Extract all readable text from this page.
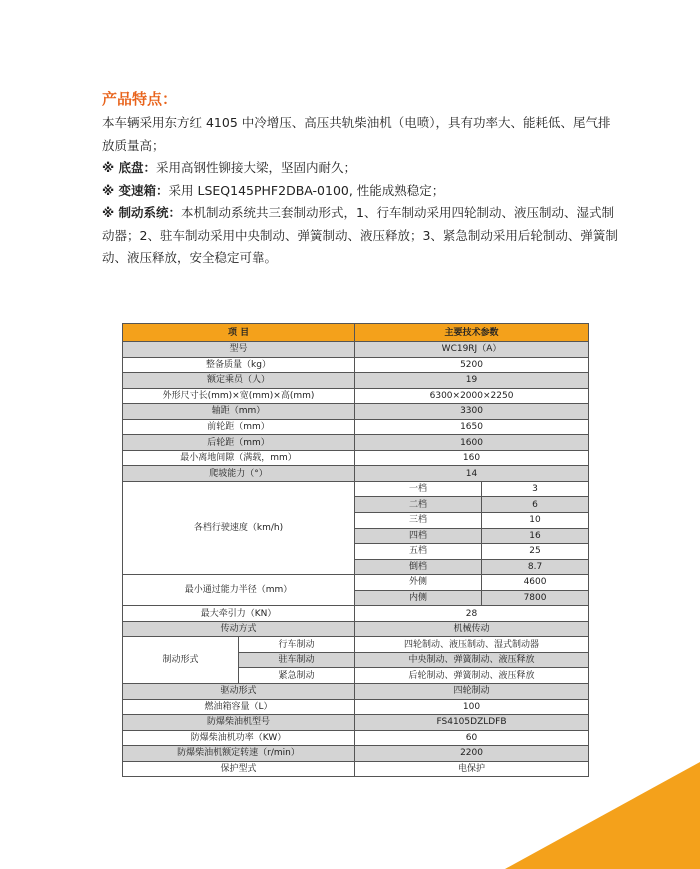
产品特点：

本车辆采用东方红 4105 中冷增压、高压共轨柴油机（电喷），具有功率大、能耗低、尾气排放质量高；

※ 底盘：采用高钢性铆接大梁，坚固内耐久；

※ 变速箱：采用 LSEQ145PHF2DBA-0100, 性能成熟稳定；

※ 制动系统：本机制动系统共三套制动形式，1、行车制动采用四轮制动、液压制动、湿式制动器；2、驻车制动采用中央制动、弹簧制动、液压释放；3、紧急制动采用后轮制动、弹簧制动、液压释放，安全稳定可靠。

项 目		主要技术参数	
型号		WC19RJ（A）	
整备质量（kg）		5200	
额定乘员（人）		19	
外形尺寸长(mm)×宽(mm)×高(mm)		6300×2000×2250	
轴距（mm）		3300	
前轮距（mm）		1650	
后轮距（mm）		1600	
最小离地间隙（满载，mm）		160	
爬坡能力（°）		14	
各档行驶速度（km/h)		一档	3
		二档	6
		三档	10
		四档	16
		五档	25
		倒档	8.7
最小通过能力半径（mm）		外侧	4600
		内侧	7800
最大牵引力（KN）		28	
传动方式		机械传动	
制动形式	行车制动	四轮制动、液压制动、湿式制动器	
	驻车制动	中央制动、弹簧制动、液压释放	
	紧急制动	后轮制动、弹簧制动、液压释放	
驱动形式		四轮制动	
燃油箱容量（L）		100	
防爆柴油机型号		FS4105DZLDFB	
防爆柴油机功率（KW）		60	
防爆柴油机额定转速（r/min）		2200	
保护型式		电保护	
